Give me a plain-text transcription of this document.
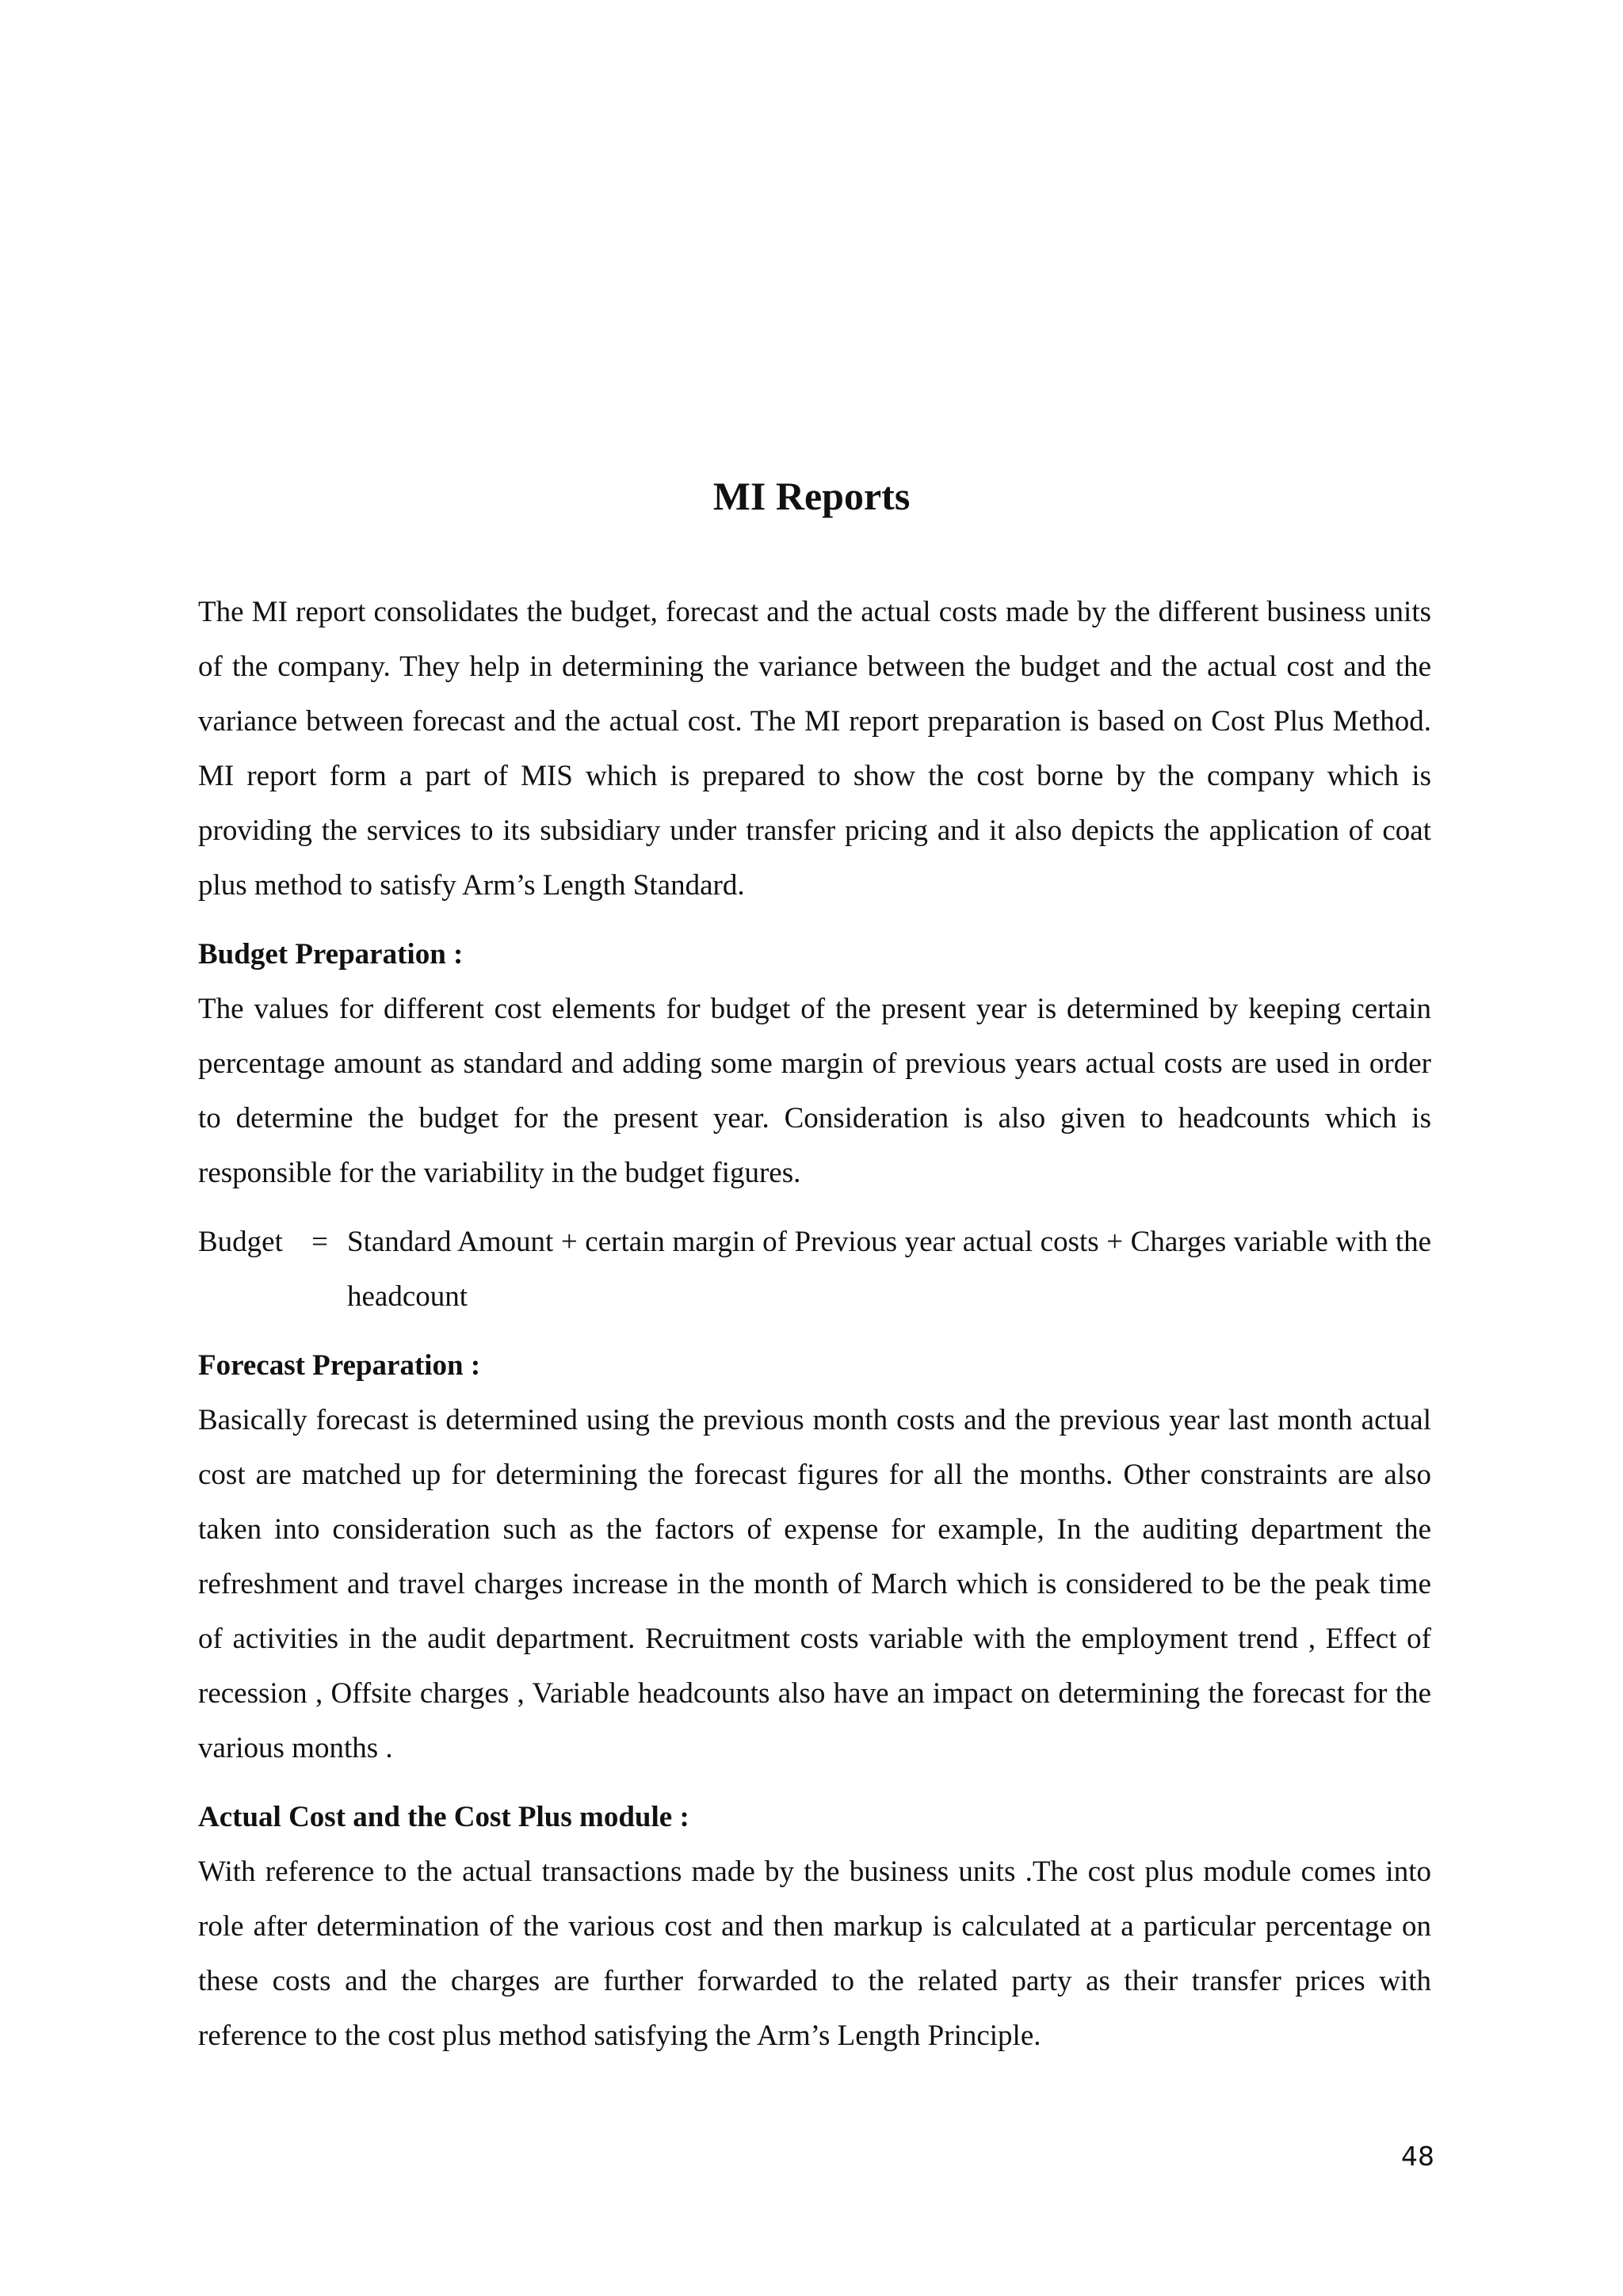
MI Reports

The MI report consolidates the budget, forecast and the actual costs made by the different business units of the company. They help in determining the variance between the budget and the actual cost and the variance between forecast and the actual cost. The MI report preparation is based on Cost Plus Method. MI report form a part of MIS which is prepared to show the cost borne by the company which is providing the services to its subsidiary under transfer pricing and it also depicts the application of coat plus method to satisfy Arm’s Length Standard.

Budget Preparation :

The values for different cost elements for budget of the present year is determined by keeping certain percentage amount as standard and adding some margin of previous years actual costs are used in order to determine the budget for the present year. Consideration is also given to headcounts which is responsible for the variability in the budget figures.

Budget = Standard Amount + certain margin of Previous year actual costs + Charges variable with the headcount
Forecast Preparation :

Basically forecast is determined using the previous month costs and the previous year last month actual cost are matched up for determining the forecast figures for all the months. Other constraints are also taken into consideration such as the factors of expense for example, In the auditing department the refreshment and travel charges increase in the month of March which is considered to be the peak time of activities in the audit department. Recruitment costs variable with the employment trend , Effect of recession , Offsite charges , Variable headcounts also have an impact on determining the forecast for the various months .

Actual Cost and the Cost Plus module :

With reference to the actual transactions made by the business units .The cost plus module comes into role after determination of the various cost and then markup is calculated at a particular percentage on these costs and the charges are further forwarded to the related party as their transfer prices with reference to the cost plus method satisfying the Arm’s Length Principle.

48
